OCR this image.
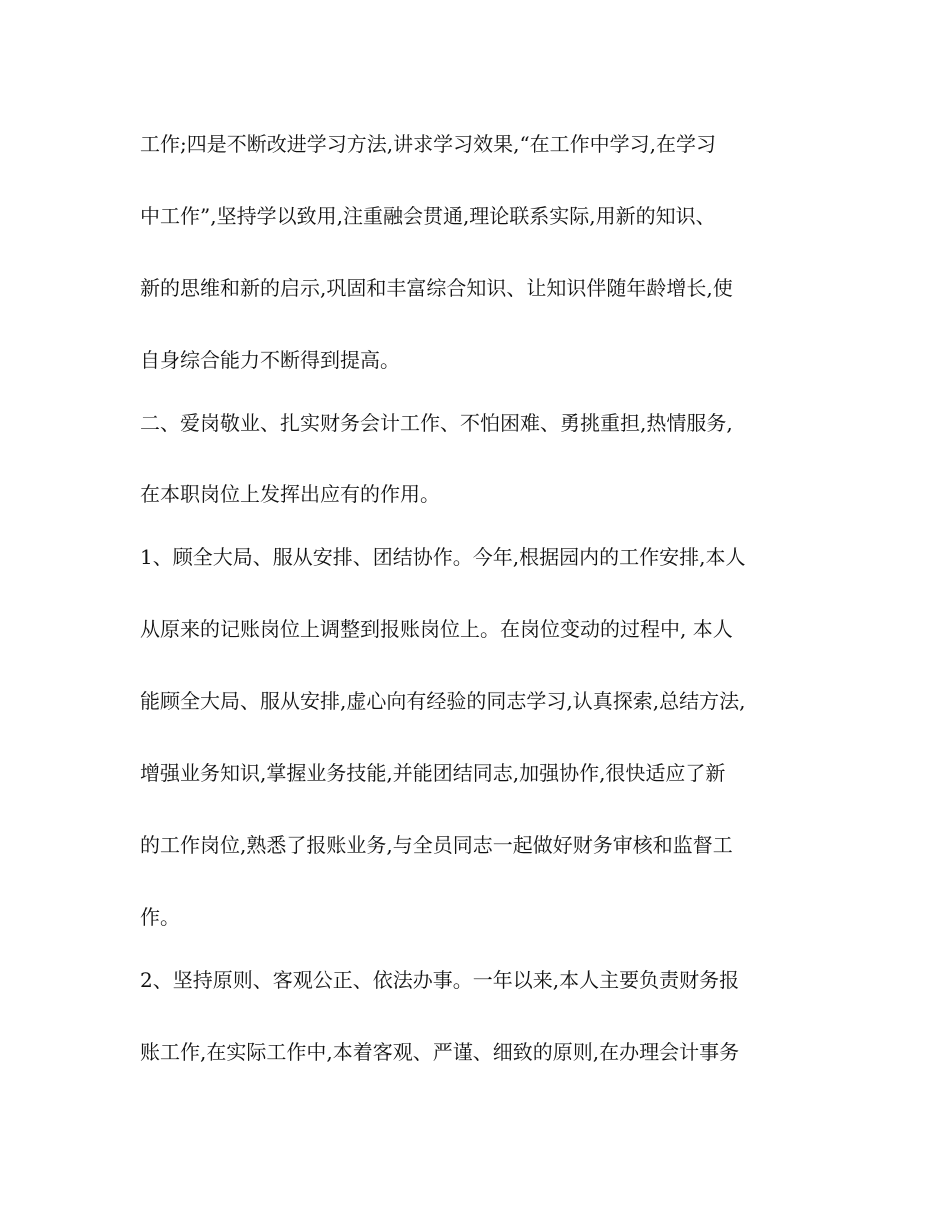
工作;四是不断改进学习方法,讲求学习效果,“在工作中学习,在学习
中工作”,坚持学以致用,注重融会贯通,理论联系实际,用新的知识、
新的思维和新的启示,巩固和丰富综合知识、让知识伴随年龄增长,使
自身综合能力不断得到提高。
二、爱岗敬业、扎实财务会计工作、不怕困难、勇挑重担,热情服务,
在本职岗位上发挥出应有的作用。
1、顾全大局、服从安排、团结协作。今年,根据园内的工作安排,本人
从原来的记账岗位上调整到报账岗位上。在岗位变动的过程中, 本人
能顾全大局、服从安排,虚心向有经验的同志学习,认真探索,总结方法,
增强业务知识,掌握业务技能,并能团结同志,加强协作,很快适应了新
的工作岗位,熟悉了报账业务,与全员同志一起做好财务审核和监督工
作。
2、坚持原则、客观公正、依法办事。一年以来,本人主要负责财务报
账工作,在实际工作中,本着客观、严谨、细致的原则,在办理会计事务
